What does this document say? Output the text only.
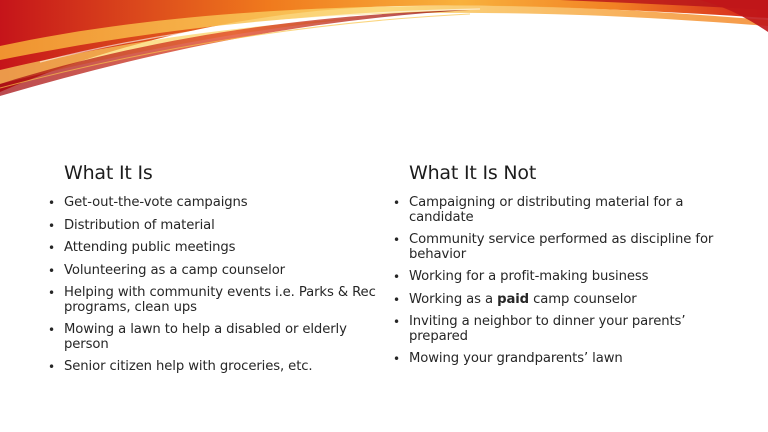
What It Is
• Get-out-the-vote campaigns
• Distribution of material
• Attending public meetings
• Volunteering as a camp counselor
• Helping with community events i.e. Parks & Rec programs, clean ups
• Mowing a lawn to help a disabled or elderly person
• Senior citizen help with groceries, etc.
What It Is Not
• Campaigning or distributing material for a candidate
• Community service performed as discipline for behavior
• Working for a profit-making business
• Working as a paid camp counselor
• Inviting a neighbor to dinner your parents’ prepared
• Mowing your grandparents’ lawn
